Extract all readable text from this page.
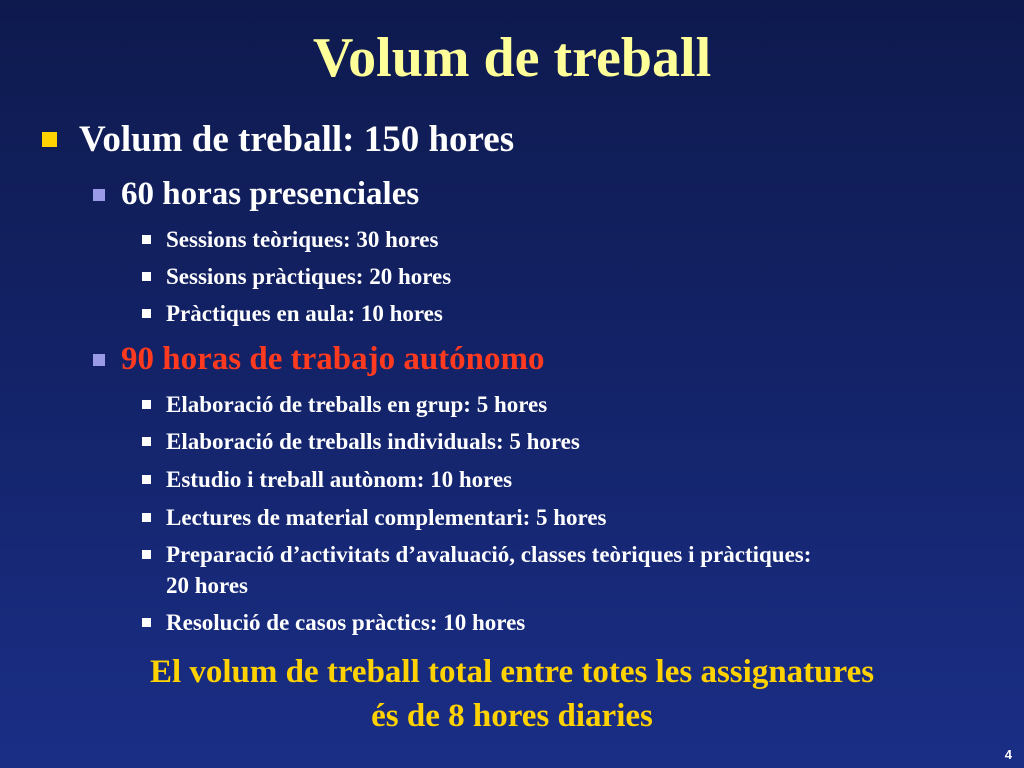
Volum de treball
Volum de treball: 150 hores
60 horas presenciales
Sessions teòriques: 30 hores
Sessions pràctiques: 20 hores
Pràctiques en aula: 10 hores
90 horas de trabajo autónomo
Elaboració de treballs en grup: 5 hores
Elaboració de treballs individuals: 5 hores
Estudio i treball autònom: 10 hores
Lectures de material complementari: 5 hores
Preparació d’activitats d’avaluació, classes teòriques i pràctiques: 20 hores
Resolució de casos pràctics: 10 hores
El volum de treball total entre totes les assignatures
és de 8 hores diaries
4
